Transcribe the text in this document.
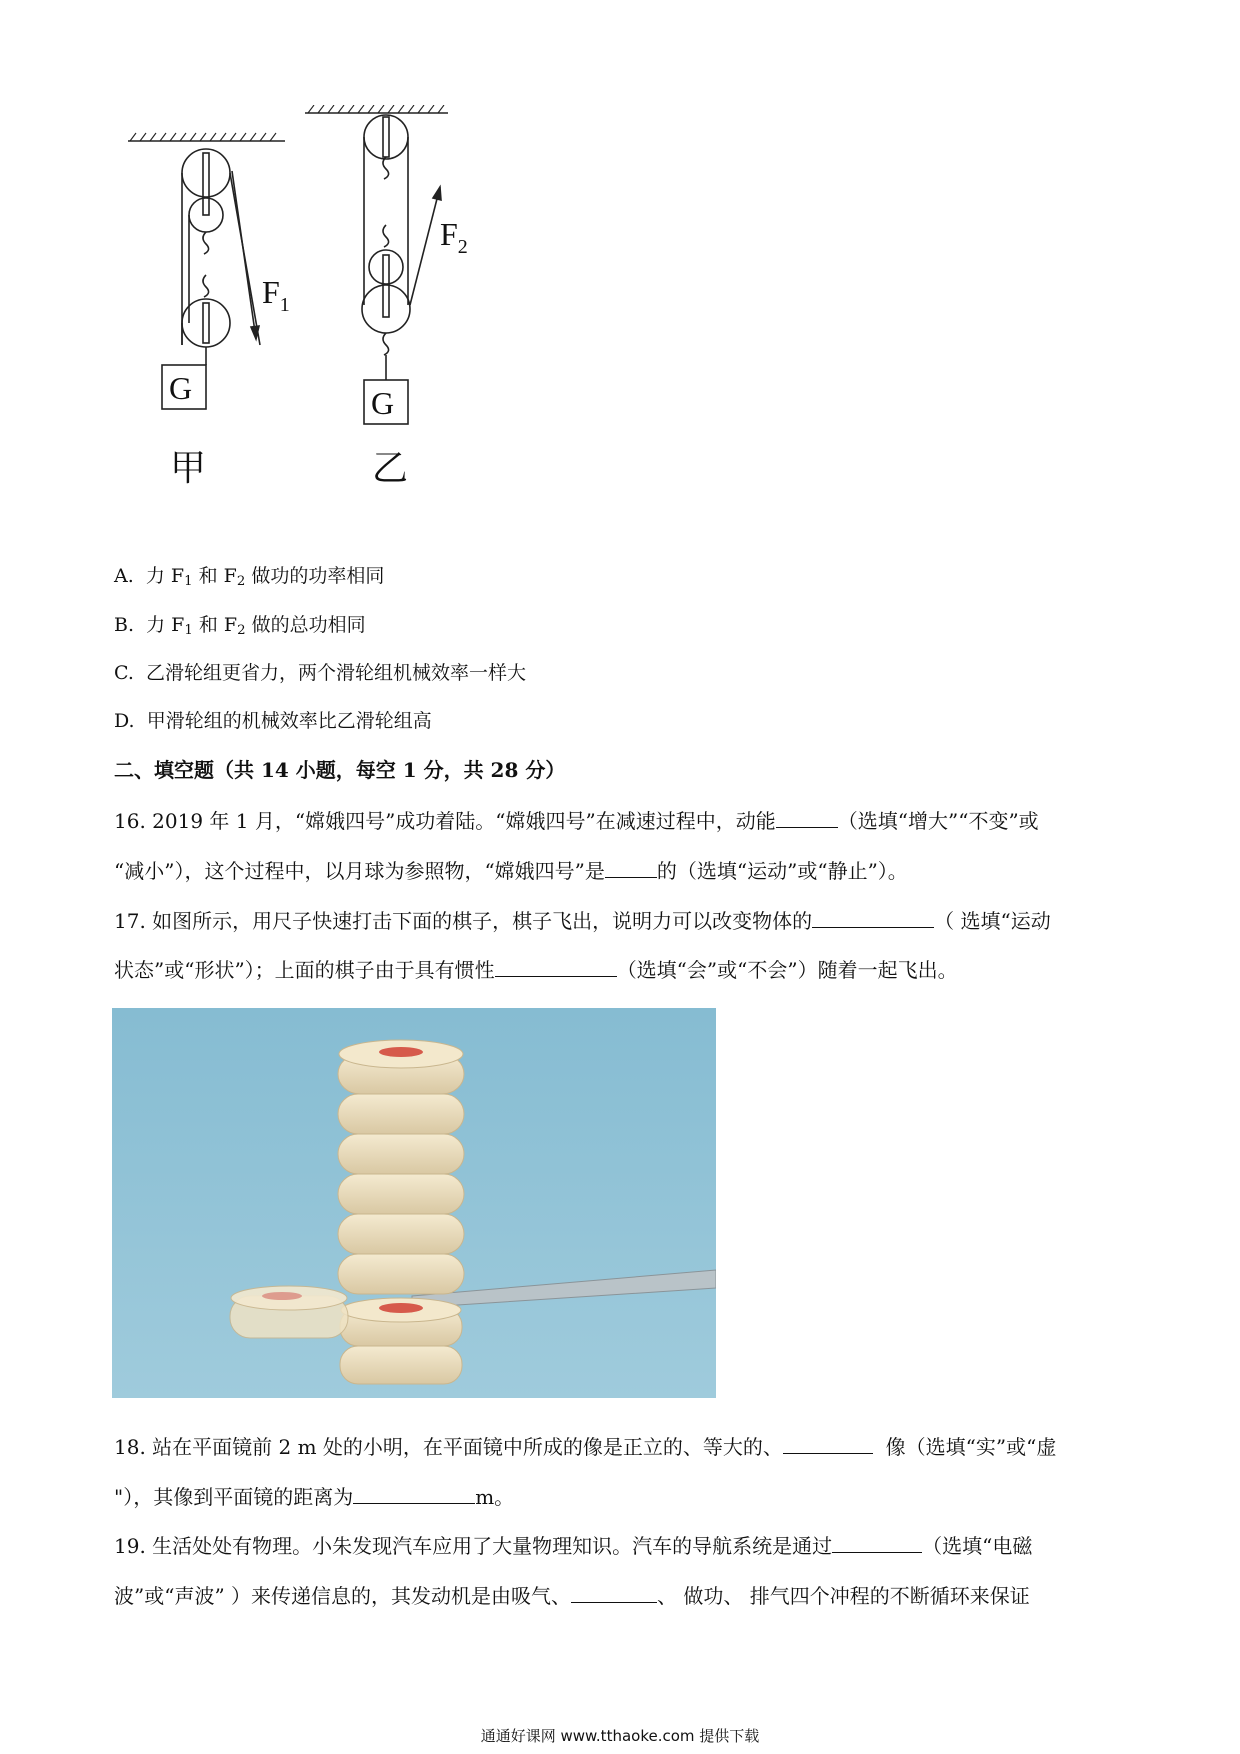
$F_1$
$F_2$
G	G
甲	乙
A. 力 $F_1$ 和 $F_2$ 做功的功率相同
B. 力 $F_1$ 和 $F_2$ 做的总功相同
C. 乙滑轮组更省力，两个滑轮组机械效率一样大
D. 甲滑轮组的机械效率比乙滑轮组高
二、填空题（共 14 小题，每空 1 分，共 28 分）
16. 2019 年 1 月，“嫦娥四号”成功着陆。“嫦娥四号”在减速过程中，动能	（选填“增大”“不变”或
“减小”），这个过程中，以月球为参照物，“嫦娥四号”是	的（选填“运动”或“静止”）。
17. 如图所示，用尺子快速打击下面的棋子，棋子飞出，说明力可以改变物体的	（ 选填“运动
状态”或“形状”）；上面的棋子由于具有惯性	（选填“会”或“不会”）随着一起飞出。
18. 站在平面镜前 2 m 处的小明，在平面镜中所成的像是正立的、等大的、	像（选填“实”或“虚
"），其像到平面镜的距离为	m。
19. 生活处处有物理。小朱发现汽车应用了大量物理知识。汽车的导航系统是通过	（选填“电磁
波”或“声波” ）来传递信息的，其发动机是由吸气、	、 做功、 排气四个冲程的不断循环来保证
通通好课网 www.tthaoke.com 提供下载
